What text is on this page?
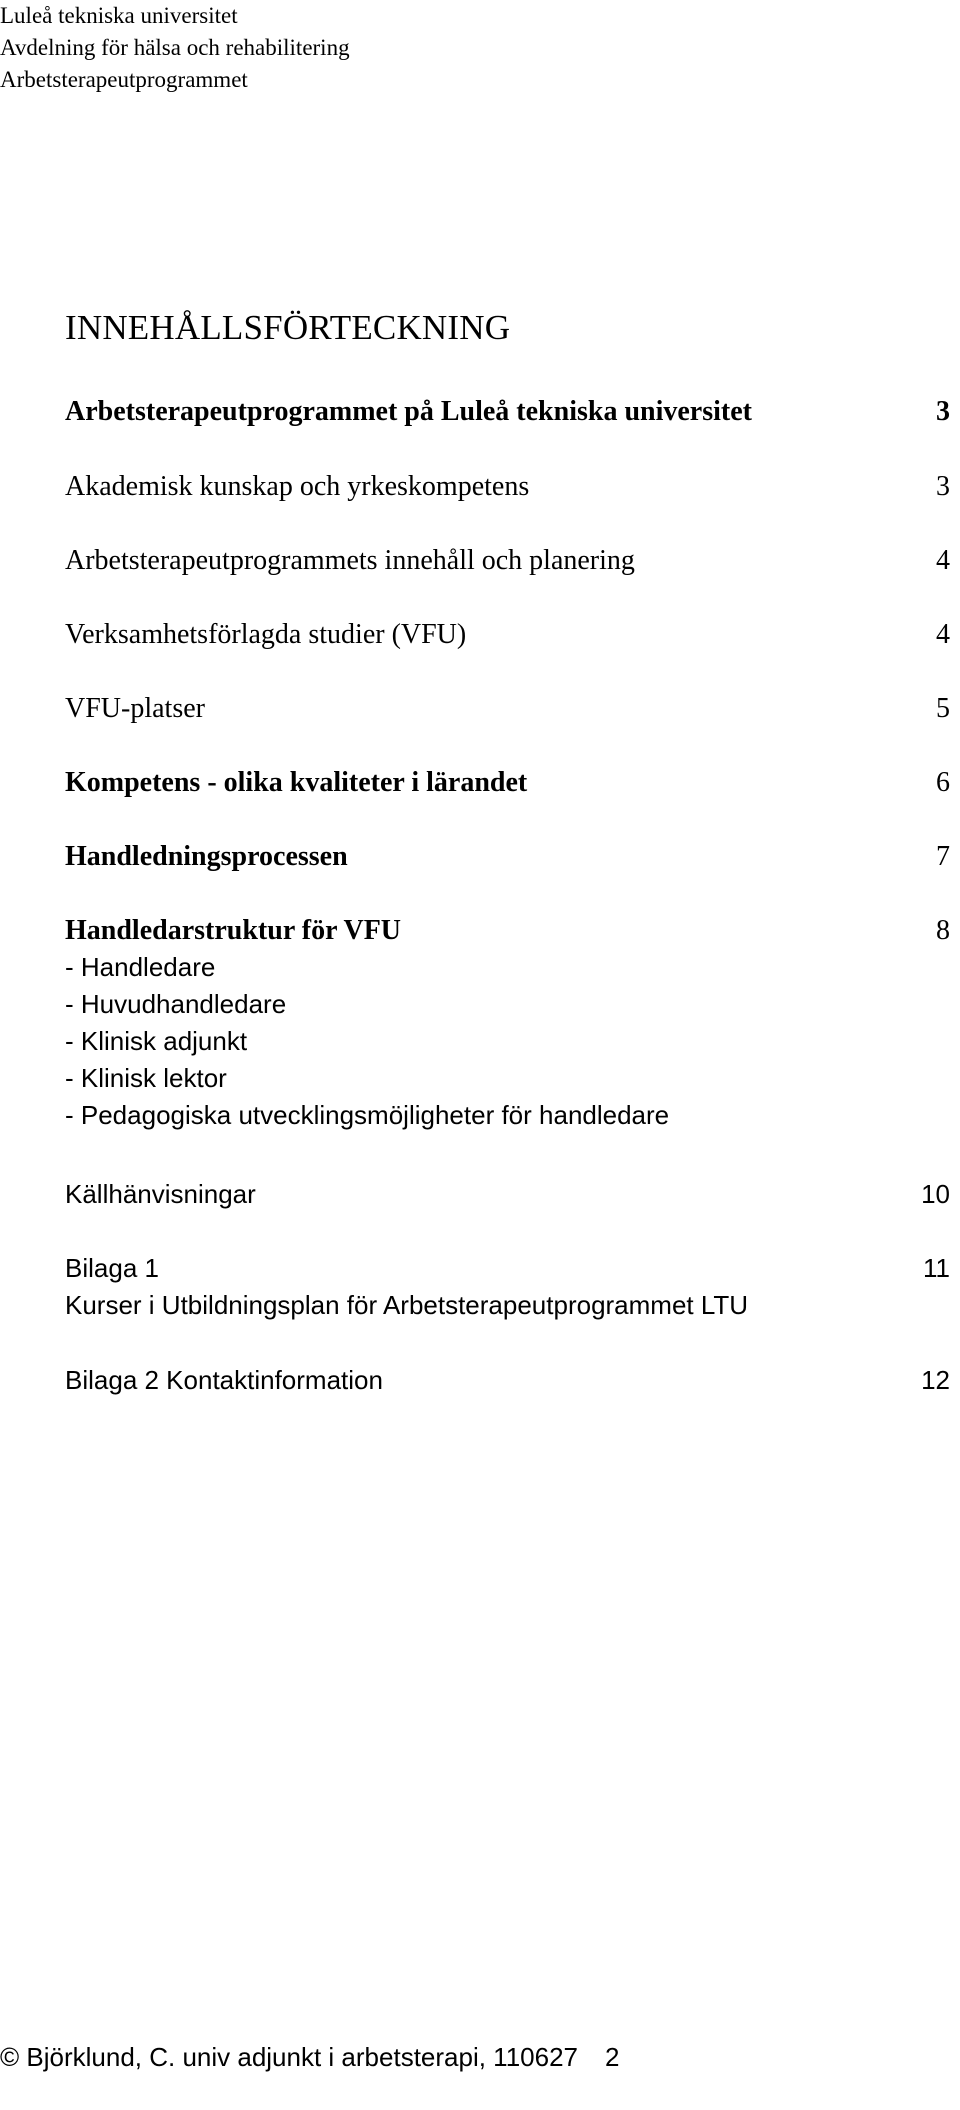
Luleå tekniska universitet
Avdelning för hälsa och rehabilitering
Arbetsterapeutprogrammet
INNEHÅLLSFÖRTECKNING
Arbetsterapeutprogrammet på Luleå tekniska universitet	3
Akademisk kunskap och yrkeskompetens	3
Arbetsterapeutprogrammets innehåll och planering	4
Verksamhetsförlagda studier (VFU)	4
VFU-platser	5
Kompetens - olika kvaliteter i lärandet	6
Handledningsprocessen	7
Handledarstruktur för VFU	8
- Handledare
- Huvudhandledare
- Klinisk adjunkt
- Klinisk lektor
- Pedagogiska utvecklingsmöjligheter för handledare
Källhänvisningar	10
Bilaga 1	11
Kurser i Utbildningsplan för Arbetsterapeutprogrammet LTU
Bilaga 2 Kontaktinformation	12
© Björklund, C. univ adjunkt i arbetsterapi, 110627 2
